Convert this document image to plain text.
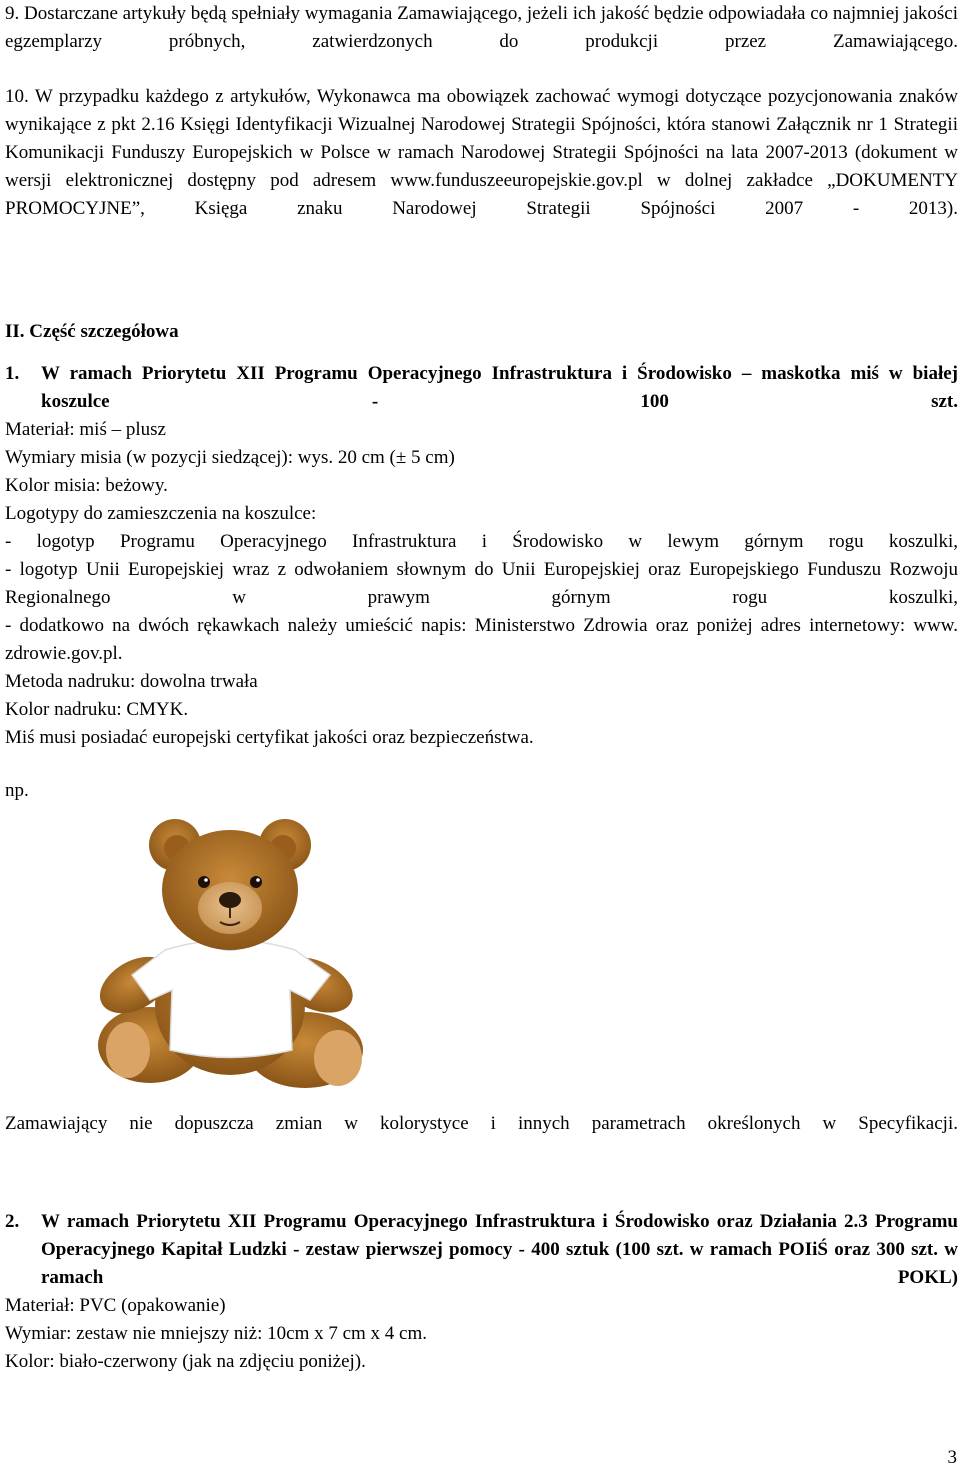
9. Dostarczane artykuły będą spełniały wymagania Zamawiającego, jeżeli ich jakość będzie odpowiadała co najmniej jakości egzemplarzy próbnych, zatwierdzonych do produkcji przez Zamawiającego.

10. W przypadku każdego z artykułów, Wykonawca ma obowiązek zachować wymogi dotyczące pozycjonowania znaków wynikające z pkt 2.16 Księgi Identyfikacji Wizualnej Narodowej Strategii Spójności, która stanowi Załącznik nr 1 Strategii Komunikacji Funduszy Europejskich w Polsce w ramach Narodowej Strategii Spójności na lata 2007-2013 (dokument w wersji elektronicznej dostępny pod adresem www.funduszeeuropejskie.gov.pl w dolnej zakładce „DOKUMENTY PROMOCYJNE”, Księga znaku Narodowej Strategii Spójności 2007 - 2013).

II. Część szczegółowa

1.	W ramach Priorytetu XII Programu Operacyjnego Infrastruktura i Środowisko – maskotka miś w białej koszulce - 100 szt.

Materiał: miś – plusz

Wymiary misia (w pozycji siedzącej): wys. 20 cm (± 5 cm)

Kolor misia: beżowy.

Logotypy do zamieszczenia na koszulce:

- logotyp Programu Operacyjnego Infrastruktura i Środowisko w lewym górnym rogu koszulki,

- logotyp Unii Europejskiej wraz z odwołaniem słownym do Unii Europejskiej oraz Europejskiego Funduszu Rozwoju Regionalnego w prawym górnym rogu koszulki,

- dodatkowo na dwóch rękawkach należy umieścić napis: Ministerstwo Zdrowia oraz poniżej adres internetowy: www. zdrowie.gov.pl.

Metoda nadruku: dowolna trwała

Kolor nadruku: CMYK.

Miś musi posiadać europejski certyfikat jakości oraz bezpieczeństwa.

np.

Zamawiający nie dopuszcza zmian w kolorystyce i innych parametrach określonych w Specyfikacji.

2.	W ramach Priorytetu XII Programu Operacyjnego Infrastruktura i Środowisko oraz Działania 2.3 Programu Operacyjnego Kapitał Ludzki - zestaw pierwszej pomocy - 400 sztuk (100 szt. w ramach POIiŚ oraz 300 szt. w ramach POKL)

Materiał: PVC (opakowanie)

Wymiar: zestaw nie mniejszy niż: 10cm x 7 cm x 4 cm.

Kolor: biało-czerwony (jak na zdjęciu poniżej).

3
